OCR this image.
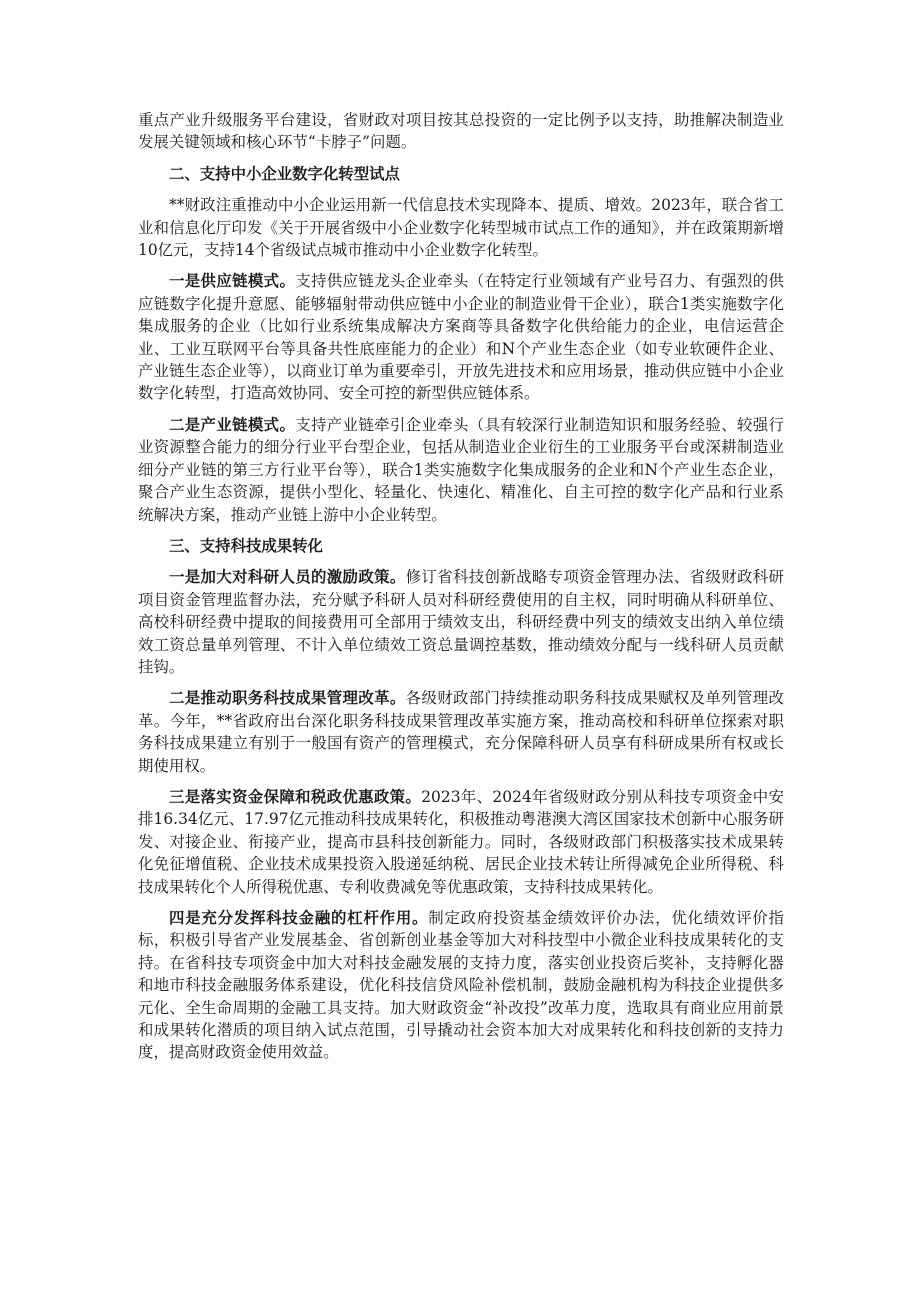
重点产业升级服务平台建设，省财政对项目按其总投资的一定比例予以支持，助推解决制造业发展关键领域和核心环节“卡脖子”问题。

二、支持中小企业数字化转型试点

**财政注重推动中小企业运用新一代信息技术实现降本、提质、增效。2023年，联合省工业和信息化厅印发《关于开展省级中小企业数字化转型城市试点工作的通知》，并在政策期新增10亿元，支持14个省级试点城市推动中小企业数字化转型。

一是供应链模式。支持供应链龙头企业牵头（在特定行业领域有产业号召力、有强烈的供应链数字化提升意愿、能够辐射带动供应链中小企业的制造业骨干企业），联合1类实施数字化集成服务的企业（比如行业系统集成解决方案商等具备数字化供给能力的企业，电信运营企业、工业互联网平台等具备共性底座能力的企业）和N个产业生态企业（如专业软硬件企业、产业链生态企业等），以商业订单为重要牵引，开放先进技术和应用场景，推动供应链中小企业数字化转型，打造高效协同、安全可控的新型供应链体系。

二是产业链模式。支持产业链牵引企业牵头（具有较深行业制造知识和服务经验、较强行业资源整合能力的细分行业平台型企业，包括从制造业企业衍生的工业服务平台或深耕制造业细分产业链的第三方行业平台等），联合1类实施数字化集成服务的企业和N个产业生态企业，聚合产业生态资源，提供小型化、轻量化、快速化、精准化、自主可控的数字化产品和行业系统解决方案，推动产业链上游中小企业转型。

三、支持科技成果转化

一是加大对科研人员的激励政策。修订省科技创新战略专项资金管理办法、省级财政科研项目资金管理监督办法，充分赋予科研人员对科研经费使用的自主权，同时明确从科研单位、高校科研经费中提取的间接费用可全部用于绩效支出，科研经费中列支的绩效支出纳入单位绩效工资总量单列管理、不计入单位绩效工资总量调控基数，推动绩效分配与一线科研人员贡献挂钩。

二是推动职务科技成果管理改革。各级财政部门持续推动职务科技成果赋权及单列管理改革。今年，**省政府出台深化职务科技成果管理改革实施方案，推动高校和科研单位探索对职务科技成果建立有别于一般国有资产的管理模式，充分保障科研人员享有科研成果所有权或长期使用权。

三是落实资金保障和税政优惠政策。2023年、2024年省级财政分别从科技专项资金中安排16.34亿元、17.97亿元推动科技成果转化，积极推动粤港澳大湾区国家技术创新中心服务研发、对接企业、衔接产业，提高市县科技创新能力。同时，各级财政部门积极落实技术成果转化免征增值税、企业技术成果投资入股递延纳税、居民企业技术转让所得减免企业所得税、科技成果转化个人所得税优惠、专利收费减免等优惠政策，支持科技成果转化。

四是充分发挥科技金融的杠杆作用。制定政府投资基金绩效评价办法，优化绩效评价指标，积极引导省产业发展基金、省创新创业基金等加大对科技型中小微企业科技成果转化的支持。在省科技专项资金中加大对科技金融发展的支持力度，落实创业投资后奖补，支持孵化器和地市科技金融服务体系建设，优化科技信贷风险补偿机制，鼓励金融机构为科技企业提供多元化、全生命周期的金融工具支持。加大财政资金“补改投”改革力度，选取具有商业应用前景和成果转化潜质的项目纳入试点范围，引导撬动社会资本加大对成果转化和科技创新的支持力度，提高财政资金使用效益。
